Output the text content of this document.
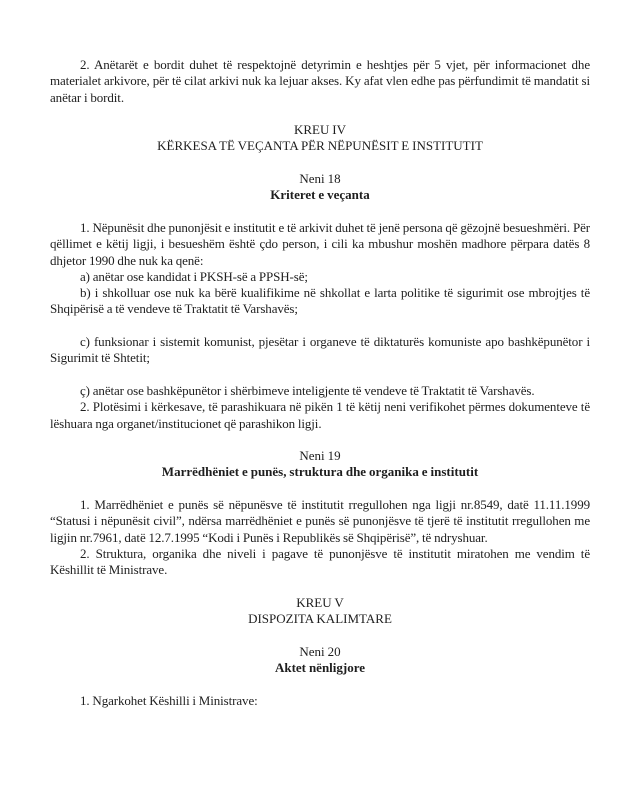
2. Anëtarët e bordit duhet të respektojnë detyrimin e heshtjes për 5 vjet, për informacionet dhe materialet arkivore, për të cilat arkivi nuk ka lejuar akses. Ky afat vlen edhe pas përfundimit të mandatit si anëtar i bordit.
KREU IV
KËRKESA TË VEÇANTA PËR NËPUNËSIT E INSTITUTIT
Neni 18
Kriteret e veçanta
1. Nëpunësit dhe punonjësit e institutit e të arkivit duhet të jenë persona që gëzojnë besueshmëri. Për qëllimet e këtij ligji, i besueshëm është çdo person, i cili ka mbushur moshën madhore përpara datës 8 dhjetor 1990 dhe nuk ka qenë:
a) anëtar ose kandidat i PKSH-së a PPSH-së;
b) i shkolluar ose nuk ka bërë kualifikime në shkollat e larta politike të sigurimit ose mbrojtjes të Shqipërisë a të vendeve të Traktatit të Varshavës;
c) funksionar i sistemit komunist, pjesëtar i organeve të diktaturës komuniste apo bashkëpunëtor i Sigurimit të Shtetit;
ç) anëtar ose bashkëpunëtor i shërbimeve inteligjente të vendeve të Traktatit të Varshavës.
2. Plotësimi i kërkesave, të parashikuara në pikën 1 të këtij neni verifikohet përmes dokumenteve të lëshuara nga organet/institucionet që parashikon ligji.
Neni 19
Marrëdhëniet e punës, struktura dhe organika e institutit
1. Marrëdhëniet e punës së nëpunësve të institutit rregullohen nga ligji nr.8549, datë 11.11.1999 “Statusi i nëpunësit civil”, ndërsa marrëdhëniet e punës së punonjësve të tjerë të institutit rregullohen me ligjin nr.7961, datë 12.7.1995 “Kodi i Punës i Republikës së Shqipërisë”, të ndryshuar.
2. Struktura, organika dhe niveli i pagave të punonjësve të institutit miratohen me vendim të Këshillit të Ministrave.
KREU V
DISPOZITA KALIMTARE
Neni 20
Aktet nënligjore
1. Ngarkohet Këshilli i Ministrave:
